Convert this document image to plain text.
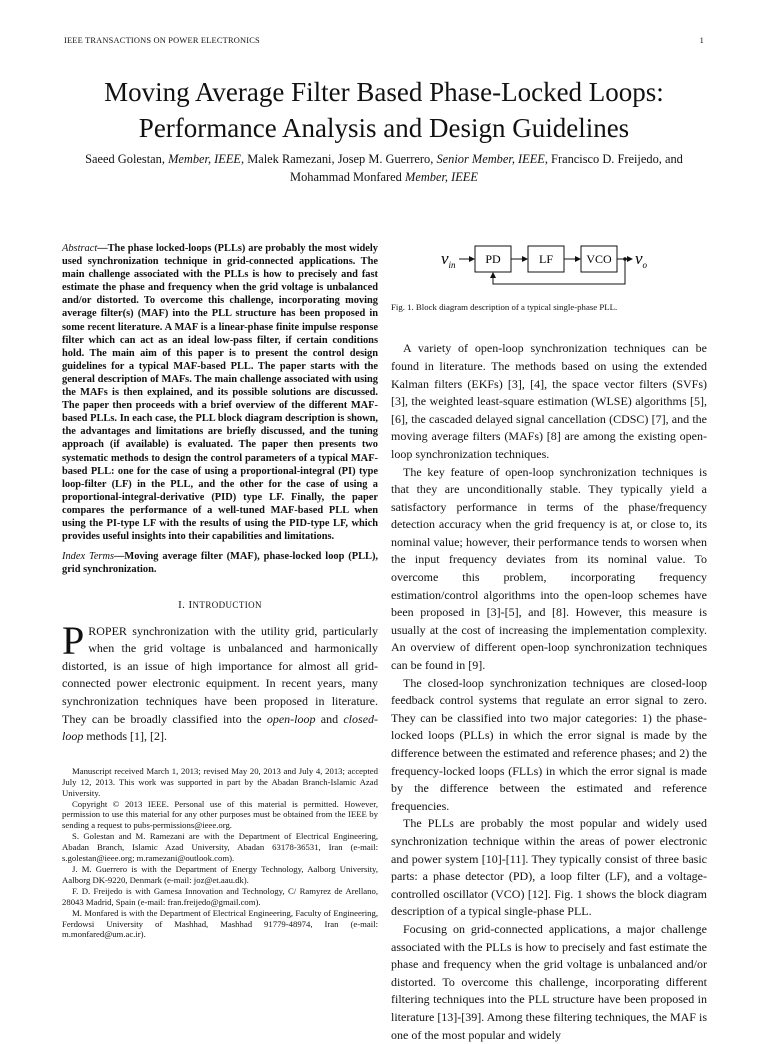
IEEE TRANSACTIONS ON POWER ELECTRONICS	1
Moving Average Filter Based Phase-Locked Loops:
Performance Analysis and Design Guidelines
Saeed Golestan, Member, IEEE, Malek Ramezani, Josep M. Guerrero, Senior Member, IEEE, Francisco D. Freijedo, and Mohammad Monfared Member, IEEE

Abstract—The phase locked-loops (PLLs) are probably the most widely used synchronization technique in grid-connected applications. The main challenge associated with the PLLs is how to precisely and fast estimate the phase and frequency when the grid voltage is unbalanced and/or distorted. To overcome this challenge, incorporating moving average filter(s) (MAF) into the PLL structure has been proposed in some recent literature. A MAF is a linear-phase finite impulse response filter which can act as an ideal low-pass filter, if certain conditions hold. The main aim of this paper is to present the control design guidelines for a typical MAF-based PLL. The paper starts with the general description of MAFs. The main challenge associated with using the MAFs is then explained, and its possible solutions are discussed. The paper then proceeds with a brief overview of the different MAF-based PLLs. In each case, the PLL block diagram description is shown, the advantages and limitations are briefly discussed, and the tuning approach (if available) is evaluated. The paper then presents two systematic methods to design the control parameters of a typical MAF-based PLL: one for the case of using a proportional-integral (PI) type loop-filter (LF) in the PLL, and the other for the case of using a proportional-integral-derivative (PID) type LF. Finally, the paper compares the performance of a well-tuned MAF-based PLL when using the PI-type LF with the results of using the PID-type LF, which provides useful insights into their capabilities and limitations.

Index Terms—Moving average filter (MAF), phase-locked loop (PLL), grid synchronization.

I. INTRODUCTION

PROPER synchronization with the utility grid, particularly when the grid voltage is unbalanced and harmonically distorted, is an issue of high importance for almost all grid-connected power electronic equipment. In recent years, many synchronization techniques have been proposed in literature. They can be broadly classified into the open-loop and closed-loop methods [1], [2].

Manuscript received March 1, 2013; revised May 20, 2013 and July 4, 2013; accepted July 12, 2013. This work was supported in part by the Abadan Branch-Islamic Azad University.

Copyright © 2013 IEEE. Personal use of this material is permitted. However, permission to use this material for any other purposes must be obtained from the IEEE by sending a request to pubs-permissions@ieee.org.

S. Golestan and M. Ramezani are with the Department of Electrical Engineering, Abadan Branch, Islamic Azad University, Abadan 63178-36531, Iran (e-mail: s.golestan@ieee.org; m.ramezani@outlook.com).

J. M. Guerrero is with the Department of Energy Technology, Aalborg University, Aalborg DK-9220, Denmark (e-mail: joz@et.aau.dk).

F. D. Freijedo is with Gamesa Innovation and Technology, C/ Ramyrez de Arellano, 28043 Madrid, Spain (e-mail: fran.freijedo@gmail.com).

M. Monfared is with the Department of Electrical Engineering, Faculty of Engineering, Ferdowsi University of Mashhad, Mashhad 91779-48974, Iran (e-mail: m.monfared@um.ac.ir).

$v_{in}$ PD	LF	VCO $v_o$

Fig. 1. Block diagram description of a typical single-phase PLL.

A variety of open-loop synchronization techniques can be found in literature. The methods based on using the extended Kalman filters (EKFs) [3], [4], the space vector filters (SVFs) [3], the weighted least-square estimation (WLSE) algorithms [5], [6], the cascaded delayed signal cancellation (CDSC) [7], and the moving average filters (MAFs) [8] are among the existing open-loop synchronization techniques.

The key feature of open-loop synchronization techniques is that they are unconditionally stable. They typically yield a satisfactory performance in terms of the phase/frequency detection accuracy when the grid frequency is at, or close to, its nominal value; however, their performance tends to worsen when the input frequency deviates from its nominal value. To overcome this problem, incorporating frequency estimation/control algorithms into the open-loop schemes have been proposed in [3]-[5], and [8]. However, this measure is usually at the cost of increasing the implementation complexity. An overview of different open-loop synchronization techniques can be found in [9].

The closed-loop synchronization techniques are closed-loop feedback control systems that regulate an error signal to zero. They can be classified into two major categories: 1) the phase-locked loops (PLLs) in which the error signal is made by the difference between the estimated and reference phases; and 2) the frequency-locked loops (FLLs) in which the error signal is made by the difference between the estimated and reference frequencies.

The PLLs are probably the most popular and widely used synchronization technique within the areas of power electronic and power system [10]-[11]. They typically consist of three basic parts: a phase detector (PD), a loop filter (LF), and a voltage-controlled oscillator (VCO) [12]. Fig. 1 shows the block diagram description of a typical single-phase PLL.

Focusing on grid-connected applications, a major challenge associated with the PLLs is how to precisely and fast estimate the phase and frequency when the grid voltage is unbalanced and/or distorted. To overcome this challenge, incorporating different filtering techniques into the PLL structure have been proposed in literature [13]-[39]. Among these filtering techniques, the MAF is one of the most popular and widely
